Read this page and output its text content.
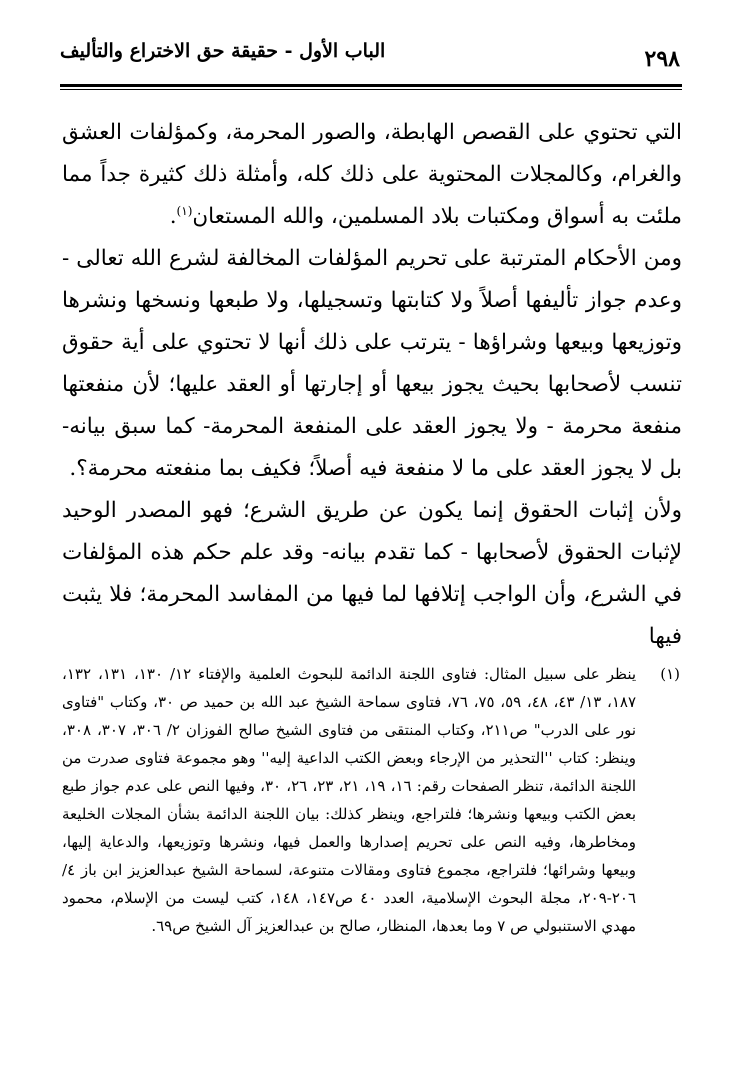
٢٩٨
الباب الأول - حقيقة حق الاختراع والتأليف

التي تحتوي على القصص الهابطة، والصور المحرمة، وكمؤلفات العشق والغرام، وكالمجلات المحتوية على ذلك كله، وأمثلة ذلك كثيرة جداً مما ملئت به أسواق ومكتبات بلاد المسلمين، والله المستعان$^{(١)}$.

ومن الأحكام المترتبة على تحريم المؤلفات المخالفة لشرع الله تعالى - وعدم جواز تأليفها أصلاً ولا كتابتها وتسجيلها، ولا طبعها ونسخها ونشرها وتوزيعها وبيعها وشراؤها - يترتب على ذلك أنها لا تحتوي على أية حقوق تنسب لأصحابها بحيث يجوز بيعها أو إجارتها أو العقد عليها؛ لأن منفعتها منفعة محرمة - ولا يجوز العقد على المنفعة المحرمة- كما سبق بيانه- بل لا يجوز العقد على ما لا منفعة فيه أصلاً؛ فكيف بما منفعته محرمة؟.

ولأن إثبات الحقوق إنما يكون عن طريق الشرع؛ فهو المصدر الوحيد لإثبات الحقوق لأصحابها - كما تقدم بيانه- وقد علم حكم هذه المؤلفات في الشرع، وأن الواجب إتلافها لما فيها من المفاسد المحرمة؛ فلا يثبت فيها

(١)
ينظر على سبيل المثال: فتاوى اللجنة الدائمة للبحوث العلمية والإفتاء ١٢/ ١٣٠، ١٣١، ١٣٢، ١٨٧، ١٣/ ٤٣، ٤٨، ٥٩، ٧٥، ٧٦، فتاوى سماحة الشيخ عبد الله بن حميد ص ٣٠، وكتاب "فتاوى نور على الدرب" ص٢١١، وكتاب المنتقى من فتاوى الشيخ صالح الفوزان ٢/ ٣٠٦، ٣٠٧، ٣٠٨، وينظر: كتاب ''التحذير من الإرجاء وبعض الكتب الداعية إليه'' وهو مجموعة فتاوى صدرت من اللجنة الدائمة، تنظر الصفحات رقم: ١٦، ١٩، ٢١، ٢٣، ٢٦، ٣٠، وفيها النص على عدم جواز طبع بعض الكتب وبيعها ونشرها؛ فلتراجع، وينظر كذلك: بيان اللجنة الدائمة بشأن المجلات الخليعة ومخاطرها، وفيه النص على تحريم إصدارها والعمل فيها، ونشرها وتوزيعها، والدعاية إليها، وبيعها وشرائها؛ فلتراجع، مجموع فتاوى ومقالات متنوعة، لسماحة الشيخ عبدالعزيز ابن باز ٤/ ٢٠٦-٢٠٩، مجلة البحوث الإسلامية، العدد ٤٠ ص١٤٧، ١٤٨، كتب ليست من الإسلام، محمود مهدي الاستنبولي ص ٧ وما بعدها، المنظار، صالح بن عبدالعزيز آل الشيخ ص٦٩.
